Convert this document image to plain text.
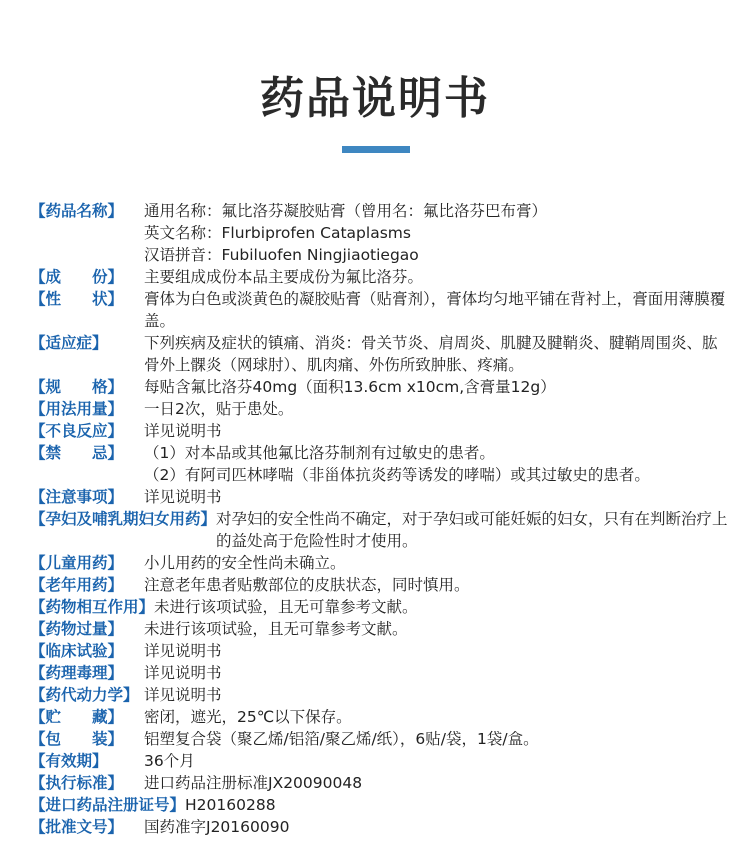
药品说明书
【药品名称】	通用名称：氟比洛芬凝胶贴膏（曾用名：氟比洛芬巴布膏）
英文名称：Flurbiprofen Cataplasms
汉语拼音：Fubiluofen Ningjiaotiegao
【成　　份】	主要组成成份本品主要成份为氟比洛芬。
【性　　状】	膏体为白色或淡黄色的凝胶贴膏（贴膏剂），膏体均匀地平铺在背衬上，膏面用薄膜覆盖。
【适应症】	下列疾病及症状的镇痛、消炎：骨关节炎、肩周炎、肌腱及腱鞘炎、腱鞘周围炎、肱骨外上髁炎（网球肘）、肌肉痛、外伤所致肿胀、疼痛。
【规　　格】	每贴含氟比洛芬40mg（面积13.6cm x10cm,含膏量12g）
【用法用量】	一日2次，贴于患处。
【不良反应】	详见说明书
【禁　　忌】	（1）对本品或其他氟比洛芬制剂有过敏史的患者。
（2）有阿司匹林哮喘（非甾体抗炎药等诱发的哮喘）或其过敏史的患者。
【注意事项】	详见说明书
【孕妇及哺乳期妇女用药】 对孕妇的安全性尚不确定，对于孕妇或可能妊娠的妇女，只有在判断治疗上的益处高于危险性时才使用。
【儿童用药】	小儿用药的安全性尚未确立。
【老年用药】	注意老年患者贴敷部位的皮肤状态，同时慎用。
【药物相互作用】 未进行该项试验，且无可靠参考文献。
【药物过量】	未进行该项试验，且无可靠参考文献。
【临床试验】	详见说明书
【药理毒理】	详见说明书
【药代动力学】 详见说明书
【贮　　藏】	密闭，遮光，25℃以下保存。
【包　　装】	铝塑复合袋（聚乙烯/铝箔/聚乙烯/纸），6贴/袋，1袋/盒。
【有效期】	36个月
【执行标准】	进口药品注册标准JX20090048
【进口药品注册证号】 H20160288
【批准文号】	国药准字J20160090
